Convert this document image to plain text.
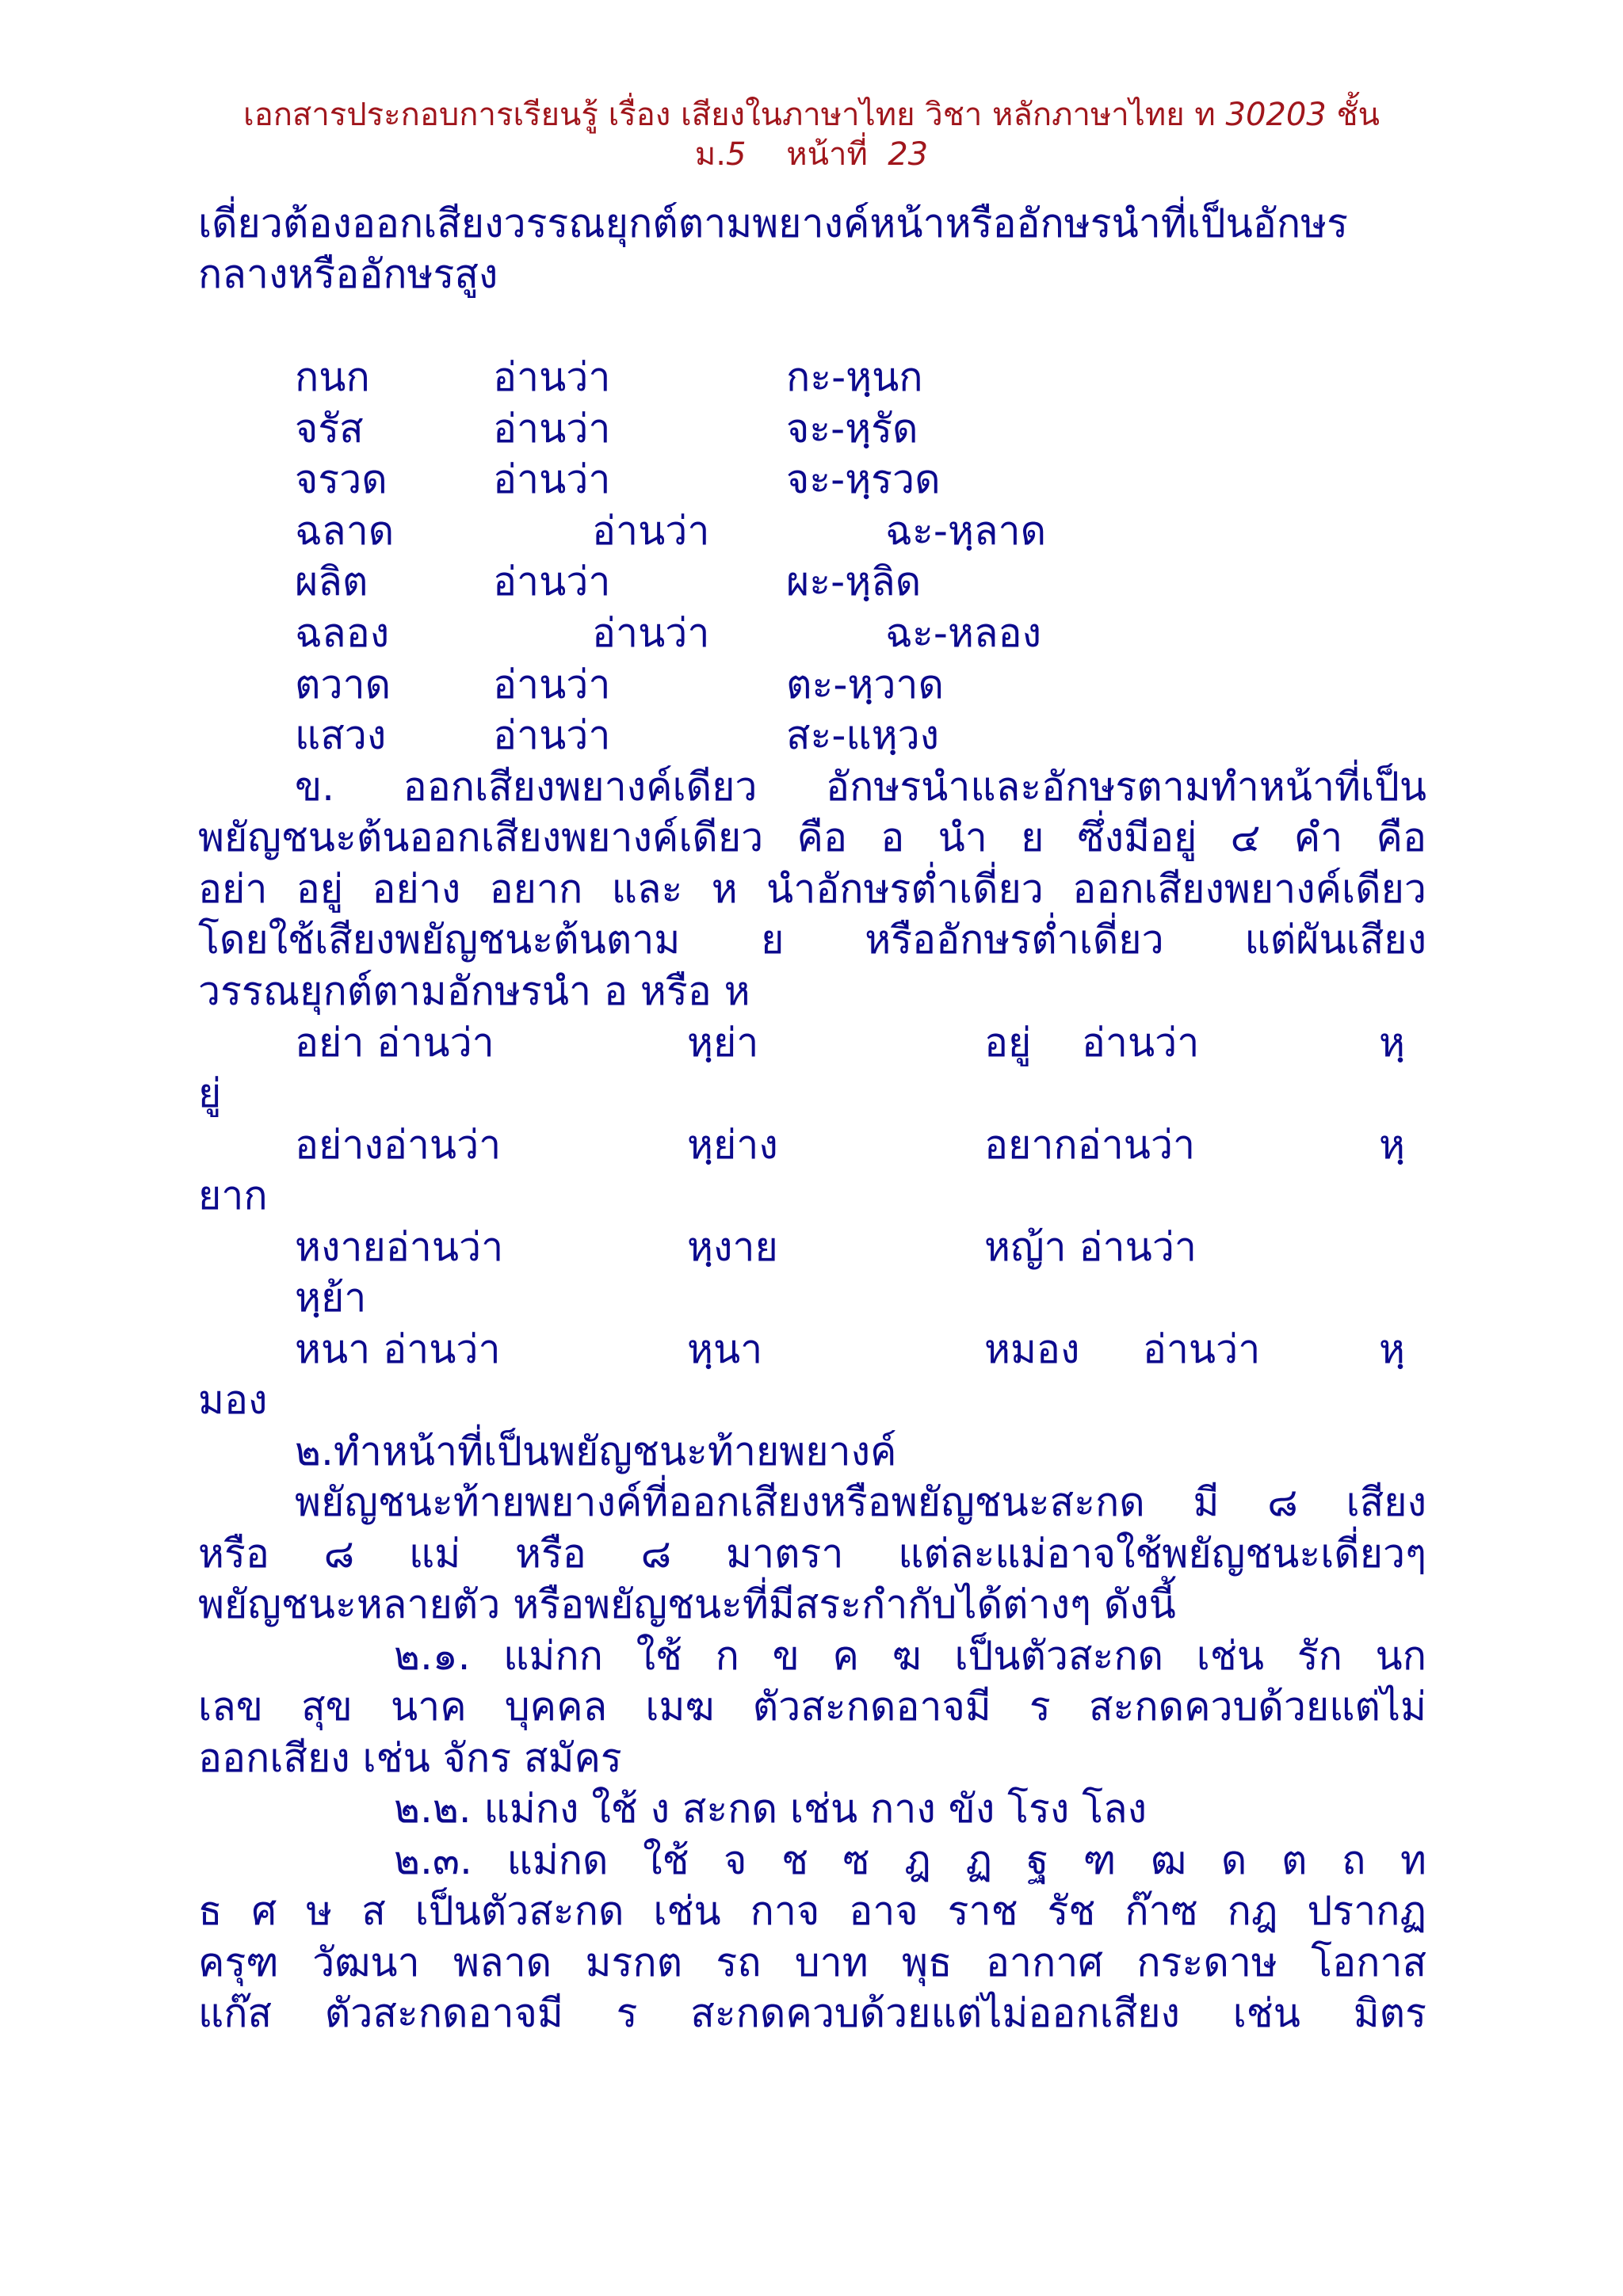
เอกสารประกอบการเรียนรู้ เรื่อง เสียงในภาษาไทย วิชา หลักภาษาไทย ท 30203 ชั้น
ม.5    หน้าที่  23
เดี่ยวต้องออกเสียงวรรณยุกต์ตามพยางค์หน้าหรืออักษรนำที่เป็นอักษร
กลางหรืออักษรสูง
กนก	อ่านว่า	กะ-หฺนก
จรัส	อ่านว่า	จะ-หฺรัด
จรวด	อ่านว่า	จะ-หฺรวด
ฉลาด	อ่านว่า	ฉะ-หฺลาด
ผลิต	อ่านว่า	ผะ-หฺลิด
ฉลอง	อ่านว่า	ฉะ-หลอง
ตวาด	อ่านว่า	ตะ-หฺวาด
แสวง	อ่านว่า	สะ-แหฺวง
ข. ออกเสียงพยางค์เดียว อักษรนำและอักษรตามทำหน้าที่เป็น
พยัญชนะต้นออกเสียงพยางค์เดียว คือ อ นำ ย ซึ่งมีอยู่ ๔ คำ คือ
อย่า อยู่ อย่าง อยาก และ ห นำอักษรต่ำเดี่ยว ออกเสียงพยางค์เดียว
โดยใช้เสียงพยัญชนะต้นตาม ย หรืออักษรต่ำเดี่ยว แต่ผันเสียง
วรรณยุกต์ตามอักษรนำ อ หรือ ห
อย่า อ่านว่า	หฺย่า	อยู่    อ่านว่า	หฺ
ยู่
อย่างอ่านว่า	หฺย่าง	อยากอ่านว่า	หฺ
ยาก
หงายอ่านว่า	หฺงาย	หญ้า อ่านว่า
หฺย้า
หนา อ่านว่า	หฺนา	หมอง     อ่านว่า	หฺ
มอง
๒.ทำหน้าที่เป็นพยัญชนะท้ายพยางค์
พยัญชนะท้ายพยางค์ที่ออกเสียงหรือพยัญชนะสะกด มี ๘ เสียง
หรือ ๘ แม่ หรือ ๘ มาตรา แต่ละแม่อาจใช้พยัญชนะเดี่ยวๆ
พยัญชนะหลายตัว หรือพยัญชนะที่มีสระกำกับได้ต่างๆ ดังนี้
๒.๑. แม่กก ใช้ ก ข ค ฆ เป็นตัวสะกด เช่น รัก นก
เลข สุข นาค บุคคล เมฆ ตัวสะกดอาจมี ร สะกดควบด้วยแต่ไม่
ออกเสียง เช่น จักร สมัคร
๒.๒. แม่กง ใช้ ง สะกด เช่น กาง ขัง โรง โลง
๒.๓. แม่กด ใช้ จ ช ซ ฎ ฏ ฐ ฑ ฒ ด ต ถ ท
ธ ศ ษ ส เป็นตัวสะกด เช่น กาจ อาจ ราช รัช ก๊าซ กฎ ปรากฏ
ครุฑ วัฒนา พลาด มรกต รถ บาท พุธ อากาศ กระดาษ โอกาส
แก๊ส ตัวสะกดอาจมี ร สะกดควบด้วยแต่ไม่ออกเสียง เช่น มิตร
